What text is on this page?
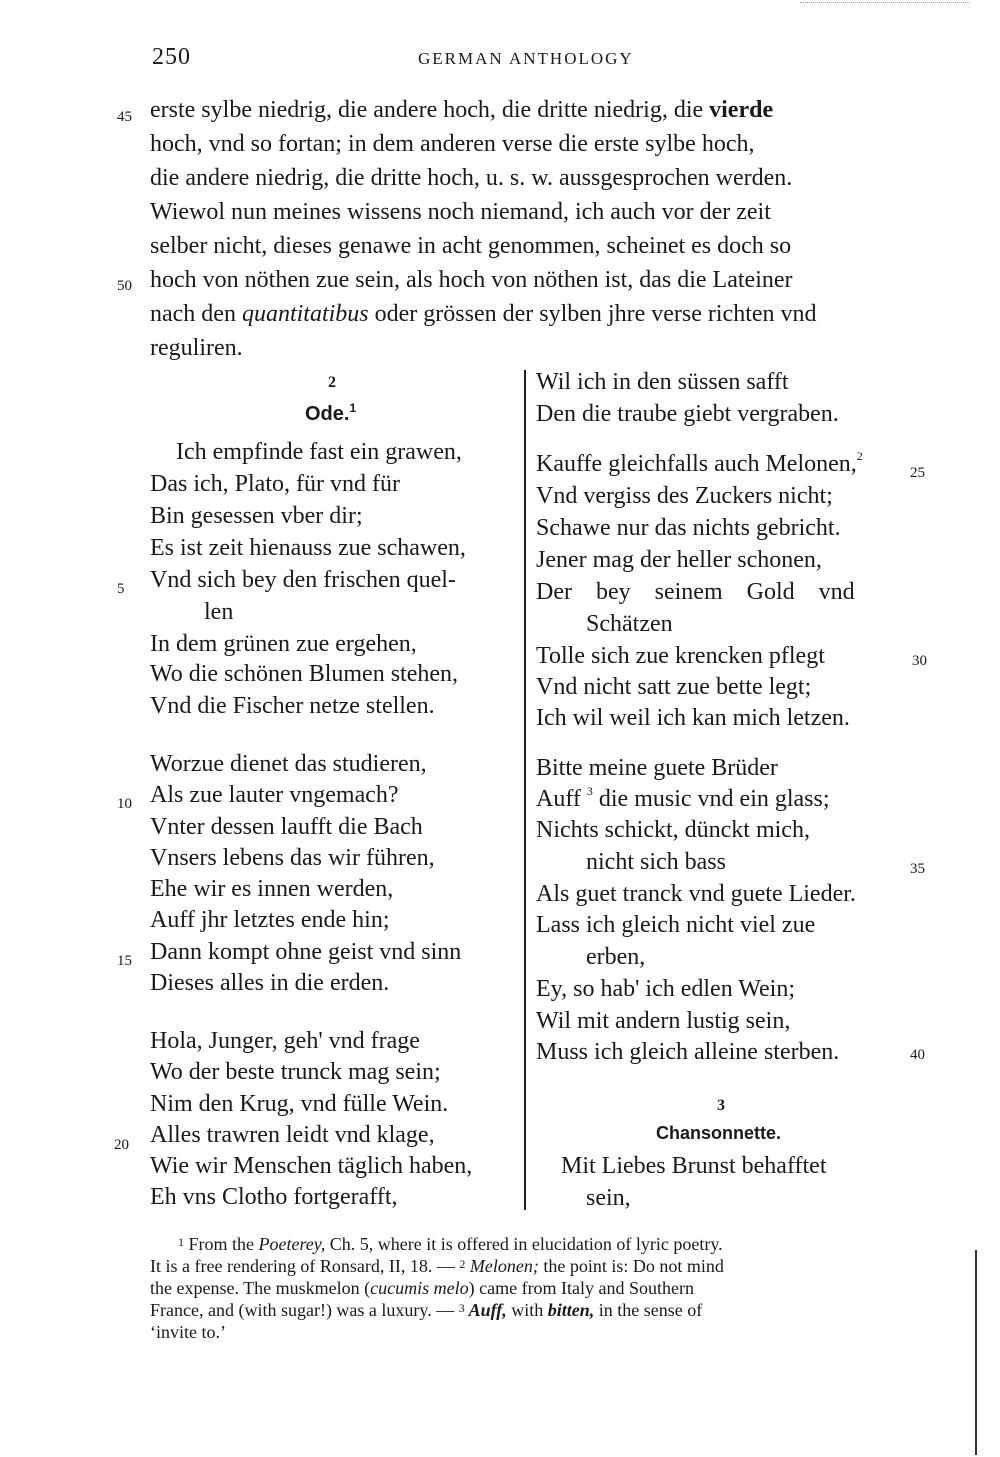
250	GERMAN ANTHOLOGY
45 erste sylbe niedrig, die andere hoch, die dritte niedrig, die vierde
hoch, vnd so fortan; in dem anderen verse die erste sylbe hoch,
die andere niedrig, die dritte hoch, u. s. w. aussgesprochen werden.
Wiewol nun meines wissens noch niemand, ich auch vor der zeit
selber nicht, dieses genawe in acht genommen, scheinet es doch so
50 hoch von nöthen zue sein, als hoch von nöthen ist, das die Lateiner
nach den quantitatibus oder grössen der sylben jhre verse richten vnd
reguliren.
2
Ode.$^1$
Ich empfinde fast ein grawen,
Das ich, Plato, für vnd für
Bin gesessen vber dir;
Es ist zeit hienauss zue schawen,
5 Vnd sich bey den frischen quel-
len
In dem grünen zue ergehen,
Wo die schönen Blumen stehen,
Vnd die Fischer netze stellen.
Worzue dienet das studieren,
10 Als zue lauter vngemach?
Vnter dessen laufft die Bach
Vnsers lebens das wir führen,
Ehe wir es innen werden,
Auff jhr letztes ende hin;
15 Dann kompt ohne geist vnd sinn
Dieses alles in die erden.
Hola, Junger, geh' vnd frage
Wo der beste trunck mag sein;
Nim den Krug, vnd fülle Wein.
20 Alles trawren leidt vnd klage,
Wie wir Menschen täglich haben,
Eh vns Clotho fortgerafft,
Wil ich in den süssen safft
Den die traube giebt vergraben.
Kauffe gleichfalls auch Melonen,$^2$
25
Vnd vergiss des Zuckers nicht;
Schawe nur das nichts gebricht.
Jener mag der heller schonen,
Der bey seinem Gold vnd
Schätzen
Tolle sich zue krencken pflegt	30
Vnd nicht satt zue bette legt;
Ich wil weil ich kan mich letzen.
Bitte meine guete Brüder
Auff $^3$ die music vnd ein glass;
Nichts schickt, dünckt mich,
nicht sich bass	35
Als guet tranck vnd guete Lieder.
Lass ich gleich nicht viel zue
erben,
Ey, so hab' ich edlen Wein;
Wil mit andern lustig sein,
Muss ich gleich alleine sterben.	40
3
Chansonnette.
Mit Liebes Brunst behafftet
sein,
$^1$ From the Poeterey, Ch. 5, where it is offered in elucidation of lyric poetry.
It is a free rendering of Ronsard, II, 18. — $^2$ Melonen; the point is: Do not mind
the expense. The muskmelon (cucumis melo) came from Italy and Southern
France, and (with sugar!) was a luxury. — $^3$ Auff, with bitten, in the sense of
‘invite to.’
